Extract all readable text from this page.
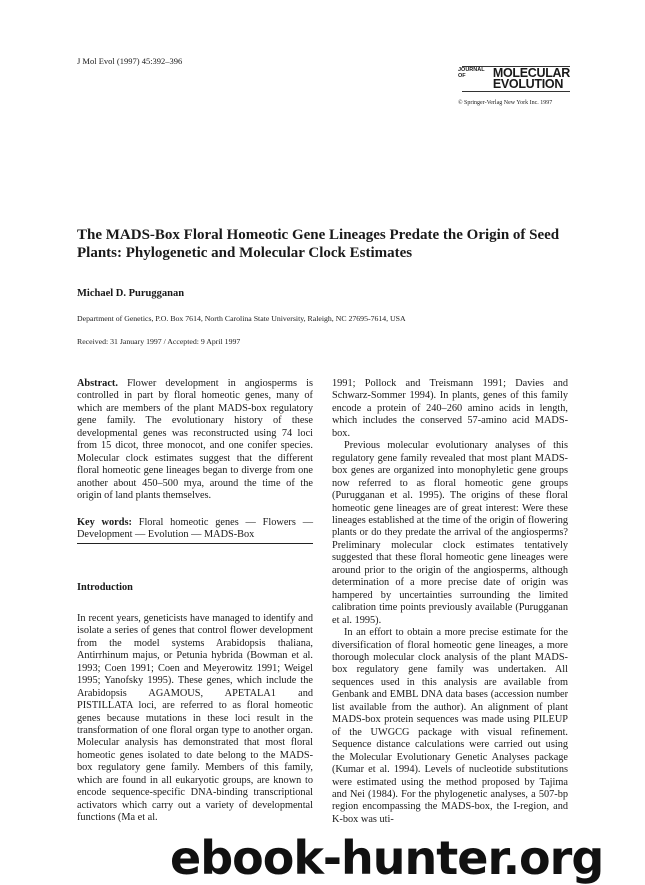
J Mol Evol (1997) 45:392–396
JOURNAL OF	MOLECULAR
EVOLUTION
© Springer-Verlag New York Inc. 1997
The MADS-Box Floral Homeotic Gene Lineages Predate the Origin of Seed Plants: Phylogenetic and Molecular Clock Estimates
Michael D. Purugganan
Department of Genetics, P.O. Box 7614, North Carolina State University, Raleigh, NC 27695-7614, USA
Received: 31 January 1997 / Accepted: 9 April 1997

Abstract. Flower development in angiosperms is controlled in part by floral homeotic genes, many of which are members of the plant MADS-box regulatory gene family. The evolutionary history of these developmental genes was reconstructed using 74 loci from 15 dicot, three monocot, and one conifer species. Molecular clock estimates suggest that the different floral homeotic gene lineages began to diverge from one another about 450–500 mya, around the time of the origin of land plants themselves.

Key words: Floral homeotic genes — Flowers — Development — Evolution — MADS-Box

Introduction

In recent years, geneticists have managed to identify and isolate a series of genes that control flower development from the model systems Arabidopsis thaliana, Antirrhinum majus, or Petunia hybrida (Bowman et al. 1993; Coen 1991; Coen and Meyerowitz 1991; Weigel 1995; Yanofsky 1995). These genes, which include the Arabidopsis AGAMOUS, APETALA1 and PISTILLATA loci, are referred to as floral homeotic genes because mutations in these loci result in the transformation of one floral organ type to another organ. Molecular analysis has demonstrated that most floral homeotic genes isolated to date belong to the MADS-box regulatory gene family. Members of this family, which are found in all eukaryotic groups, are known to encode sequence-specific DNA-binding transcriptional activators which carry out a variety of developmental functions (Ma et al.

1991; Pollock and Treismann 1991; Davies and Schwarz-Sommer 1994). In plants, genes of this family encode a protein of 240–260 amino acids in length, which includes the conserved 57-amino acid MADS-box.

Previous molecular evolutionary analyses of this regulatory gene family revealed that most plant MADS-box genes are organized into monophyletic gene groups now referred to as floral homeotic gene groups (Purugganan et al. 1995). The origins of these floral homeotic gene lineages are of great interest: Were these lineages established at the time of the origin of flowering plants or do they predate the arrival of the angiosperms? Preliminary molecular clock estimates tentatively suggested that these floral homeotic gene lineages were around prior to the origin of the angiosperms, although determination of a more precise date of origin was hampered by uncertainties surrounding the limited calibration time points previously available (Purugganan et al. 1995).

In an effort to obtain a more precise estimate for the diversification of floral homeotic gene lineages, a more thorough molecular clock analysis of the plant MADS-box regulatory gene family was undertaken. All sequences used in this analysis are available from Genbank and EMBL DNA data bases (accession number list available from the author). An alignment of plant MADS-box protein sequences was made using PILEUP of the UWGCG package with visual refinement. Sequence distance calculations were carried out using the Molecular Evolutionary Genetic Analyses package (Kumar et al. 1994). Levels of nucleotide substitutions were estimated using the method proposed by Tajima and Nei (1984). For the phylogenetic analyses, a 507-bp region encompassing the MADS-box, the I-region, and K-box was uti-

ebook-hunter.org
